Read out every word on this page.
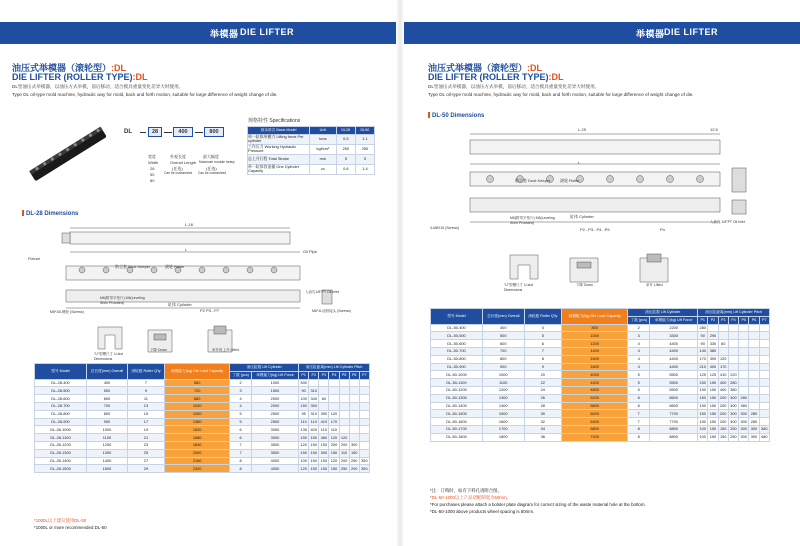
举模器 DIE LIFTER
油压式举模器（滚轮型）:DL
DIE LIFTER (ROLLER TYPE):DL
DL型油压式举模器，以油压方式举模，前后移动，适合模具重量变化差异大时使用。
Type DL oil-type mold machine, hydraulic way for mold, back and forth motion, suitable for large difference of weight change of die.
DL	28	400	800
宽度
Width
28
50
80
外观长度
Overall Length
(任选)
Can be customized
最大幅度
Maximum module heavy
(任选)
Can be customized
规格特性 Specifications
基本形式 Basic Model	Unit	DL28	DL50
单一缸体举模力 Lifting force Per cylinder	tons	0.5	1.1
工作压力 Working Hydraulic Pressure	kgf/cm²	250	250
总上升行程 Total Stroke	mm	5	5
单一缸体容油量 One Cylinder Capacity	cc	0.6	1.4
DL-28 Dimensions
L-16
L
Fixture
Oil Pipe
防尘套 Dust Keeper	滚轮 Roller
缸体 Cylinder
M6(附带平垫片) M6(Leveling Shim Provided)
M8*10L螺丝 (Screws)	P2 P3...P7
入油孔1/8"PT Oil Inlet
M6*1L油管接头 (Screws)
"U"型槽尺寸 U-slot Dimensions
下降 Down	举升时上升 Lifted
型号 Model	总长度(mm) Overall	滚轮数 Roller Q'ty	载模能力(kg) Die Load Capacity	油压缸数 Lift Cylinder		油压缸距离(mm) Lift Cylinder Pitch						
				丁数 (pcs)	举模能力(kg) Lift Force	P1	P2	P3	P4	P5	P6	P7
DL-28-400	400	7	560	2	1000	300						
DL-28-500	500	9	720	3	1500	90	310					
DL-28-600	600	11	880	4	2000	100	340	60				
DL-28-700	700	13	1040	4	2000	150	350					
DL-28-800	800	15	1200	5	2500	95	310	390	120			
DL-28-900	900	17	1360	5	2500	110	110	410	170			
DL-28-1000	1000	19	1520	6	3000	130	400	110	110			
DL-28-1100	1100	21	1680	6	3000	150	150	460	120	120		
DL-28-1200	1200	23	1840	7	3500	120	150	150	200	200	300	
DL-28-1300	1300	25	2000	7	3500	150	150	300	150	110	150	
DL-28-1400	1400	27	2160	8	4000	100	150	150	120	200	250	350
DL-28-1500	1500	29	2320	8	4000	120	150	150	150	250	200	350
*1000L以上建议使用DL-50
*1000L or more recommended DL-50
举模器 DIE LIFTER
油压式举模器（滚轮型）:DL
DIE LIFTER (ROLLER TYPE):DL
DL型油压式举模器，以油压方式举模，前后移动，适合模具重量变化差异大时使用。
Type DL oil-type mold machine, hydraulic way for mold, back and forth motion, suitable for large difference of weight change of die.
DL-50 Dimensions
L-25
L
12.5
防尘套 Dust Keeper 滚轮 Roller
M6(附带平垫片) M6(Leveling Shim Provided)
缸体 Cylinder
P2...P3...P4...P5	Pn
入油孔 1/8"PT Oil Inlet
4-M8X16 (Screws)
"U"型槽尺寸 U-slot Dimensions
下降 Down	举升 Lifted
型号 Model	总长度(mm) Overall	滚轮数 Roller Q'ty	载模能力(kg) Die Load Capacity	油压缸数 Lift Cylinder		油压缸距离(mm) Lift Cylinder Pitch						
				丁数 (pcs)	举模能力(kg) Lift Force	P1	P2	P3	P4	P5	P6	P7
DL-50-400	400	4	800	2	2200	280						
DL-50-500	500	5	1000	3	3300	90	290					
DL-50-600	600	6	1200	4	4400	90	330	60				
DL-50-700	700	7	1400	4	4400	140	380					
DL-50-800	800	8	1600	4	4400	170	390	120				
DL-50-900	900	9	1800	4	4400	210	400	170				
DL-50-1000	1000	20	4000	5	5500	125	125	410	220			
DL-50-1100	1100	22	4400	5	5500	150	150	400	280			
DL-50-1200	1200	24	4800	5	5500	150	150	400	380			
DL-50-1300	1300	26	5200	6	6600	150	150	200	400	280		
DL-50-1400	1400	28	5600	6	6600	150	150	200	400	380		
DL-50-1500	1500	30	6000	7	7700	150	150	200	300	300	280	
DL-50-1600	1600	32	6400	7	7700	150	150	200	400	300	280	
DL-50-1700	1700	34	6800	8	8800	100	150	150	250	300	300	380
DL-50-1800	1800	36	7200	8	8800	100	150	150	250	300	300	480
*注：订购时，如有下料孔请附合图。
*DL-50-1000以上产品请配制宽为50mm。
*For purchases please attach a bolster plate diagram for correct sizing of the waste material hole at the bottom.
*DL-50-1000 above products wheel spacing is 50mm.
